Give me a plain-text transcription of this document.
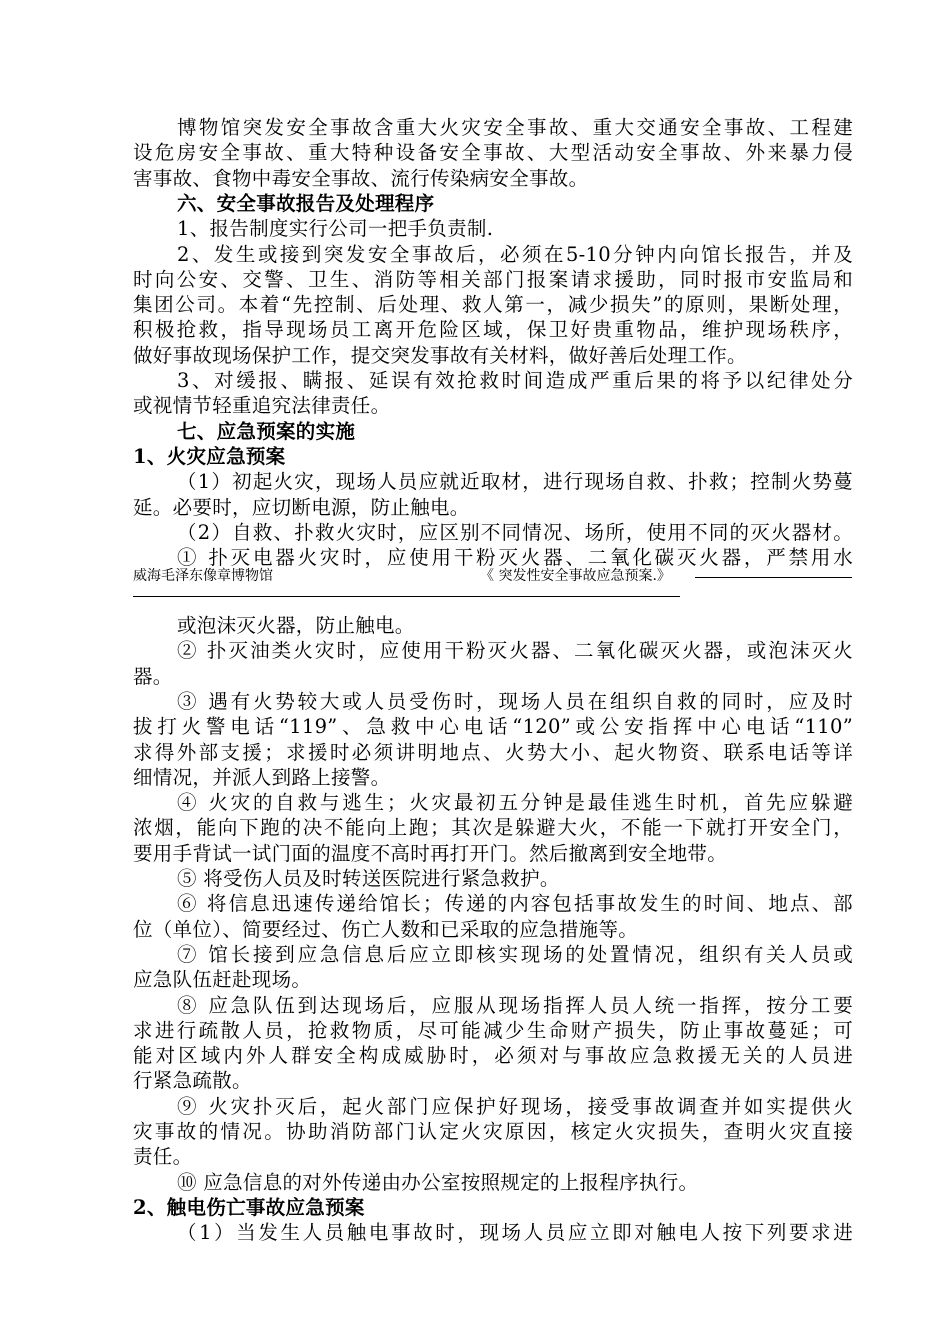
博物馆突发安全事故含重大火灾安全事故、重大交通安全事故、工程建
设危房安全事故、重大特种设备安全事故、大型活动安全事故、外来暴力侵
害事故、食物中毒安全事故、流行传染病安全事故。
六、安全事故报告及处理程序
1、报告制度实行公司一把手负责制.
2、发生或接到突发安全事故后，必须在5-10分钟内向馆长报告，并及
时向公安、交警、卫生、消防等相关部门报案请求援助，同时报市安监局和
集团公司。本着“先控制、后处理、救人第一，减少损失”的原则，果断处理，
积极抢救，指导现场员工离开危险区域，保卫好贵重物品，维护现场秩序，
做好事故现场保护工作，提交突发事故有关材料，做好善后处理工作。
3、对缓报、瞒报、延误有效抢救时间造成严重后果的将予以纪律处分
或视情节轻重追究法律责任。
七、应急预案的实施
1、火灾应急预案
（1）初起火灾，现场人员应就近取材，进行现场自救、扑救；控制火势蔓
延。必要时，应切断电源，防止触电。
（2）自救、扑救火灾时，应区别不同情况、场所，使用不同的灭火器材。
① 扑灭电器火灾时，应使用干粉灭火器、二氧化碳灭火器，严禁用水
威海毛泽东像章博物馆	《 突发性安全事故应急预案.》
或泡沫灭火器，防止触电。
② 扑灭油类火灾时，应使用干粉灭火器、二氧化碳灭火器，或泡沫灭火
器。
③ 遇有火势较大或人员受伤时，现场人员在组织自救的同时，应及时
拔打火警电话“119”、急救中心电话“120”或公安指挥中心电话“110”
求得外部支援；求援时必须讲明地点、火势大小、起火物资、联系电话等详
细情况，并派人到路上接警。
④ 火灾的自救与逃生；火灾最初五分钟是最佳逃生时机，首先应躲避
浓烟，能向下跑的决不能向上跑；其次是躲避大火，不能一下就打开安全门，
要用手背试一试门面的温度不高时再打开门。然后撤离到安全地带。
⑤ 将受伤人员及时转送医院进行紧急救护。
⑥ 将信息迅速传递给馆长；传递的内容包括事故发生的时间、地点、部
位（单位）、简要经过、伤亡人数和已采取的应急措施等。
⑦ 馆长接到应急信息后应立即核实现场的处置情况，组织有关人员或
应急队伍赶赴现场。
⑧ 应急队伍到达现场后，应服从现场指挥人员人统一指挥，按分工要
求进行疏散人员，抢救物质，尽可能减少生命财产损失，防止事故蔓延；可
能对区域内外人群安全构成威胁时，必须对与事故应急救援无关的人员进
行紧急疏散。
⑨ 火灾扑灭后，起火部门应保护好现场，接受事故调查并如实提供火
灾事故的情况。协助消防部门认定火灾原因，核定火灾损失，查明火灾直接
责任。
⑩ 应急信息的对外传递由办公室按照规定的上报程序执行。
2、触电伤亡事故应急预案
（1）当发生人员触电事故时，现场人员应立即对触电人按下列要求进
